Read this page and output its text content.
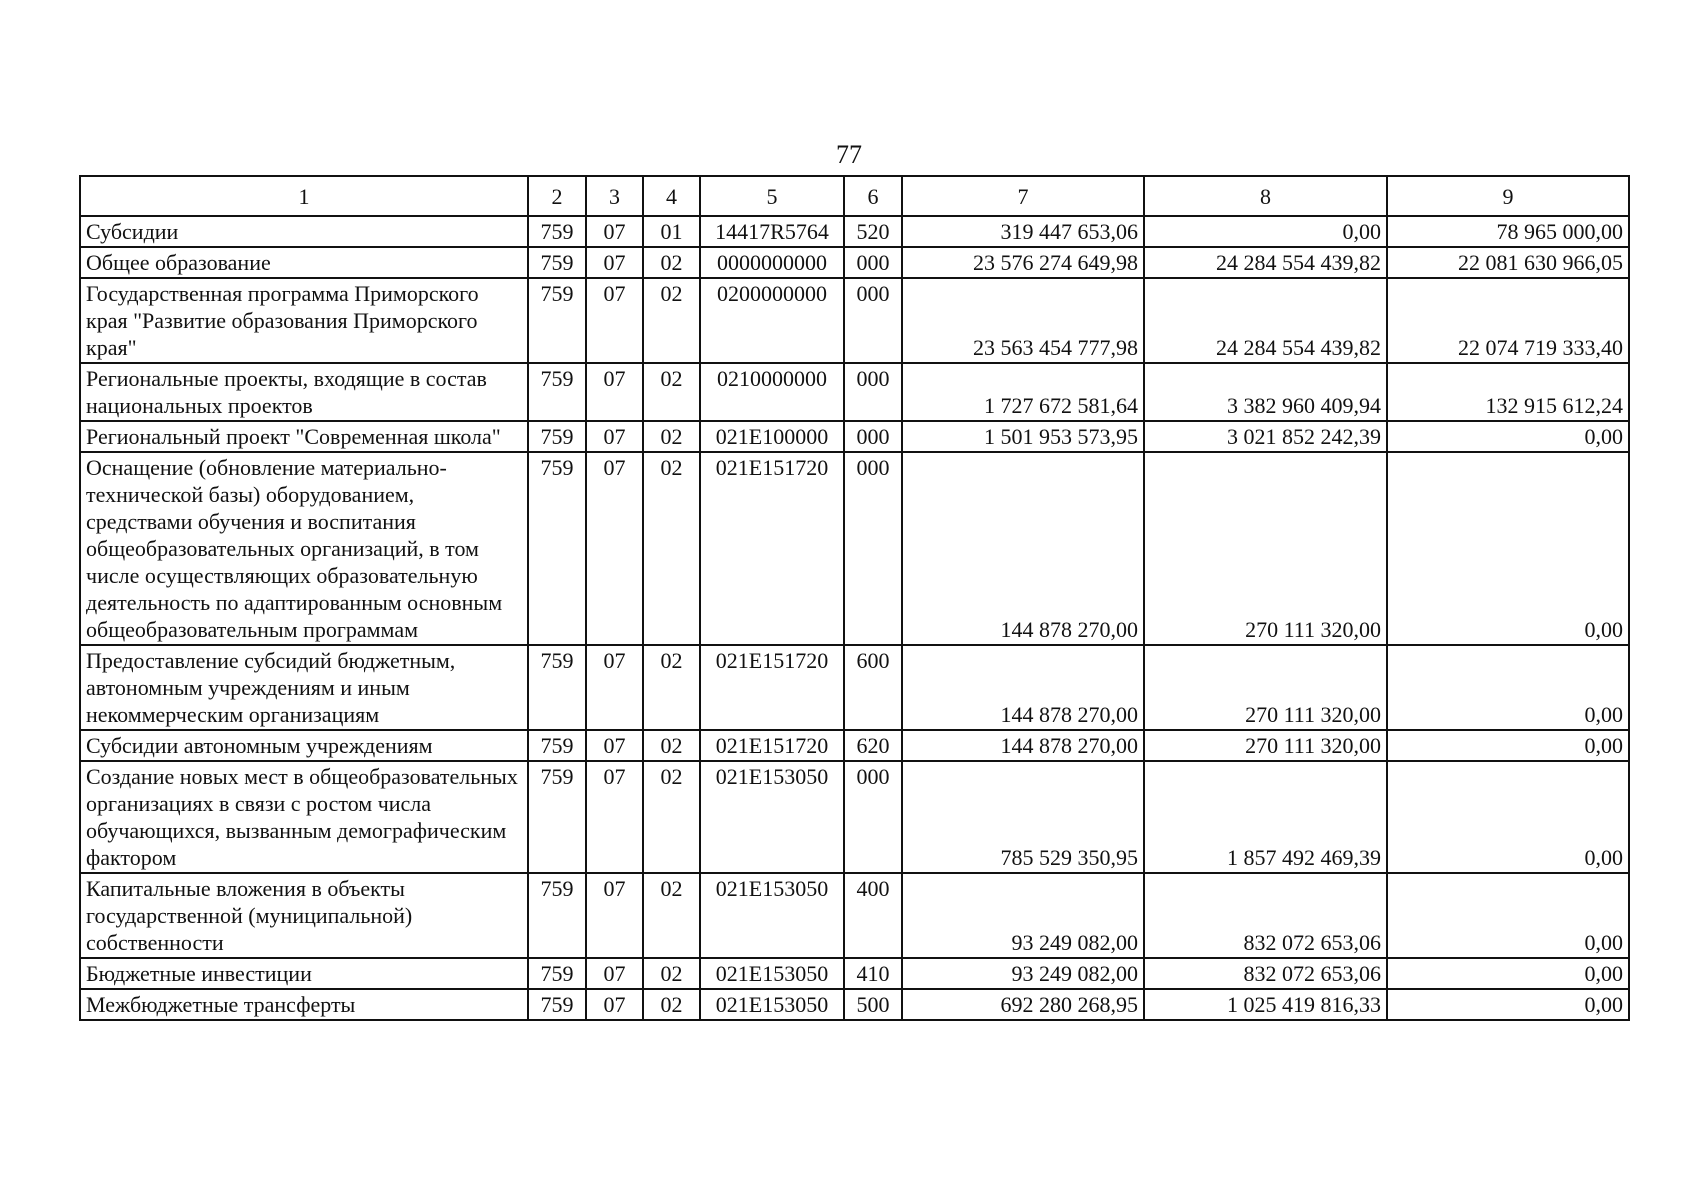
77
1	2	3	4	5	6	7	8	9
Субсидии	759	07	01	14417R5764	520	319 447 653,06	0,00	78 965 000,00
Общее образование	759	07	02	0000000000	000	23 576 274 649,98	24 284 554 439,82	22 081 630 966,05
Государственная программа Приморского края "Развитие образования Приморского края"	759	07	02	0200000000	000	23 563 454 777,98	24 284 554 439,82	22 074 719 333,40
Региональные проекты, входящие в состав национальных проектов	759	07	02	0210000000	000	1 727 672 581,64	3 382 960 409,94	132 915 612,24
Региональный проект "Современная школа"	759	07	02	021E100000	000	1 501 953 573,95	3 021 852 242,39	0,00
Оснащение (обновление материально-технической базы) оборудованием, средствами обучения и воспитания общеобразовательных организаций, в том числе осуществляющих образовательную деятельность по адаптированным основным общеобразовательным программам	759	07	02	021E151720	000	144 878 270,00	270 111 320,00	0,00
Предоставление субсидий бюджетным, автономным учреждениям и иным некоммерческим организациям	759	07	02	021E151720	600	144 878 270,00	270 111 320,00	0,00
Субсидии автономным учреждениям	759	07	02	021E151720	620	144 878 270,00	270 111 320,00	0,00
Создание новых мест в общеобразовательных организациях в связи с ростом числа обучающихся, вызванным демографическим фактором	759	07	02	021E153050	000	785 529 350,95	1 857 492 469,39	0,00
Капитальные вложения в объекты государственной (муниципальной) собственности	759	07	02	021E153050	400	93 249 082,00	832 072 653,06	0,00
Бюджетные инвестиции	759	07	02	021E153050	410	93 249 082,00	832 072 653,06	0,00
Межбюджетные трансферты	759	07	02	021E153050	500	692 280 268,95	1 025 419 816,33	0,00
